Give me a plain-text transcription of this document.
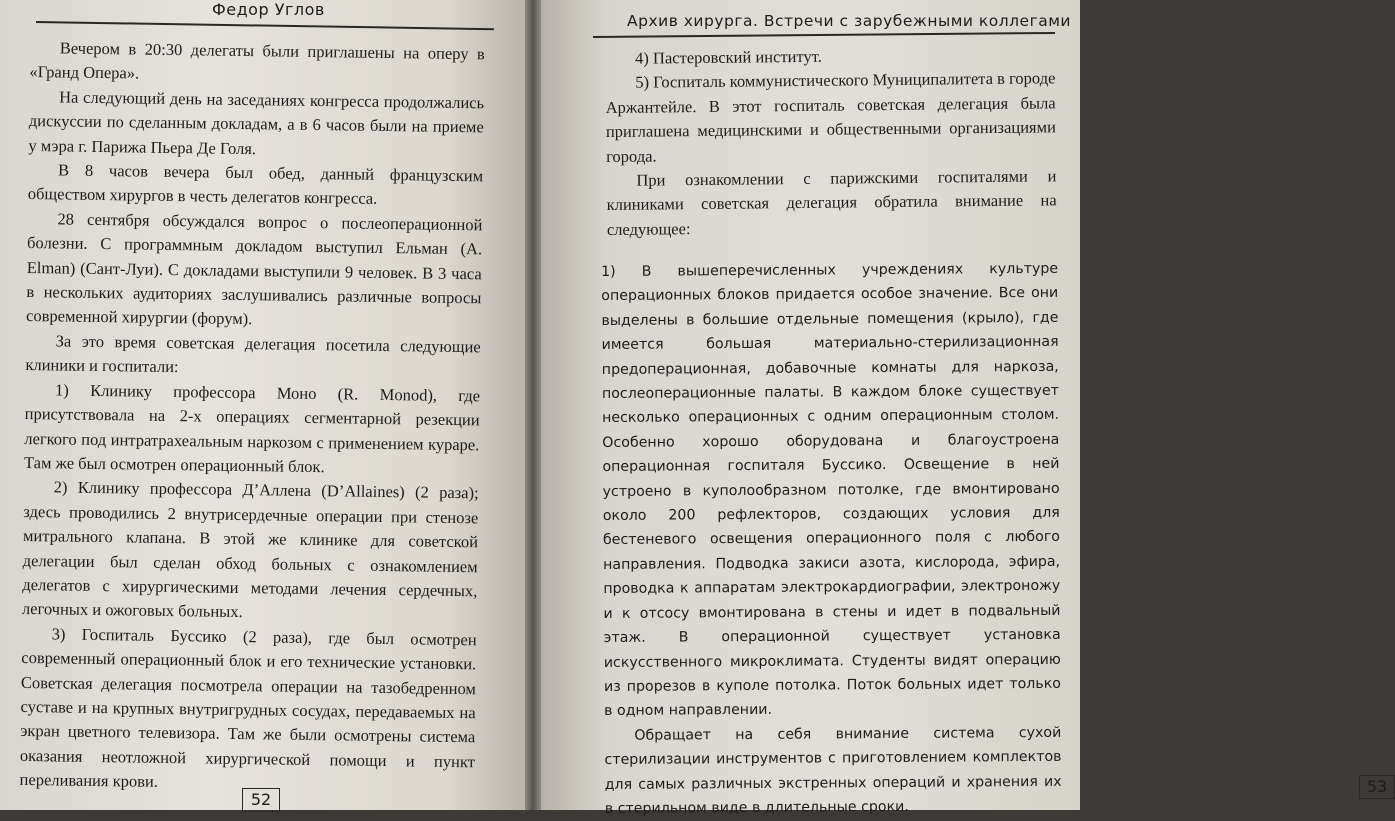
Федор Углов

Вечером в 20:30 делегаты были приглашены на оперу в «Гранд Опера».

На следующий день на заседаниях конгресса продолжались дискуссии по сделанным докладам, а в 6 часов были на приеме у мэра г. Парижа Пьера Де Голя.

В 8 часов вечера был обед, данный французским обществом хирургов в честь делегатов конгресса.

28 сентября обсуждался вопрос о послеоперационной болезни. С программным докладом выступил Ельман (A. Elman) (Сант-Луи). С докладами выступили 9 человек. В 3 часа в нескольких аудиториях заслушивались различные вопросы современной хирургии (форум).

За это время советская делегация посетила следующие клиники и госпитали:

1) Клинику профессора Моно (R. Monod), где присутствовала на 2-х операциях сегментарной резекции легкого под интратрахеальным наркозом с применением курарe. Там же был осмотрен операционный блок.

2) Клинику профессора Д’Аллена (D’Allaines) (2 раза); здесь проводились 2 внутрисердечные операции при стенозе митрального клапана. В этой же клинике для советской делегации был сделан обход больных с ознакомлением делегатов с хирургическими методами лечения сердечных, легочных и ожоговых больных.

3) Госпиталь Буссико (2 раза), где был осмотрен современный операционный блок и его технические установки. Советская делегация посмотрела операции на тазобедренном суставе и на крупных внутригрудных сосудах, передаваемых на экран цветного телевизора. Там же были осмотрены система оказания неотложной хирургической помощи и пункт переливания крови.

52
Архив хирурга. Встречи с зарубежными коллегами

4) Пастеровский институт.

5) Госпиталь коммунистического Муниципалитета в городе Аржантейле. В этот госпиталь советская делегация была приглашена медицинскими и общественными организациями города.

При ознакомлении с парижскими госпиталями и клиниками советская делегация обратила внимание на следующее:

1) В вышеперечисленных учреждениях культуре операционных блоков придается особое значение. Все они выделены в большие отдельные помещения (крыло), где имеется большая материально-стерилизационная предоперационная, добавочные комнаты для наркоза, послеоперационные палаты. В каждом блоке существует несколько операционных с одним операционным столом. Особенно хорошо оборудована и благоустроена операционная госпиталя Буссико. Освещение в ней устроено в куполообразном потолке, где вмонтировано около 200 рефлекторов, создающих условия для бестеневого освещения операционного поля с любого направления. Подводка закиси азота, кислорода, эфира, проводка к аппаратам электрокардиографии, электроножу и к отсосу вмонтирована в стены и идет в подвальный этаж. В операционной существует установка искусственного микроклимата. Студенты видят операцию из прорезов в куполе потолка. Поток больных идет только в одном направлении.

Обращает на себя внимание система сухой стерилизации инструментов с приготовлением комплектов для самых различных экстренных операций и хранения их в стерильном виде в длительные сроки.

53
